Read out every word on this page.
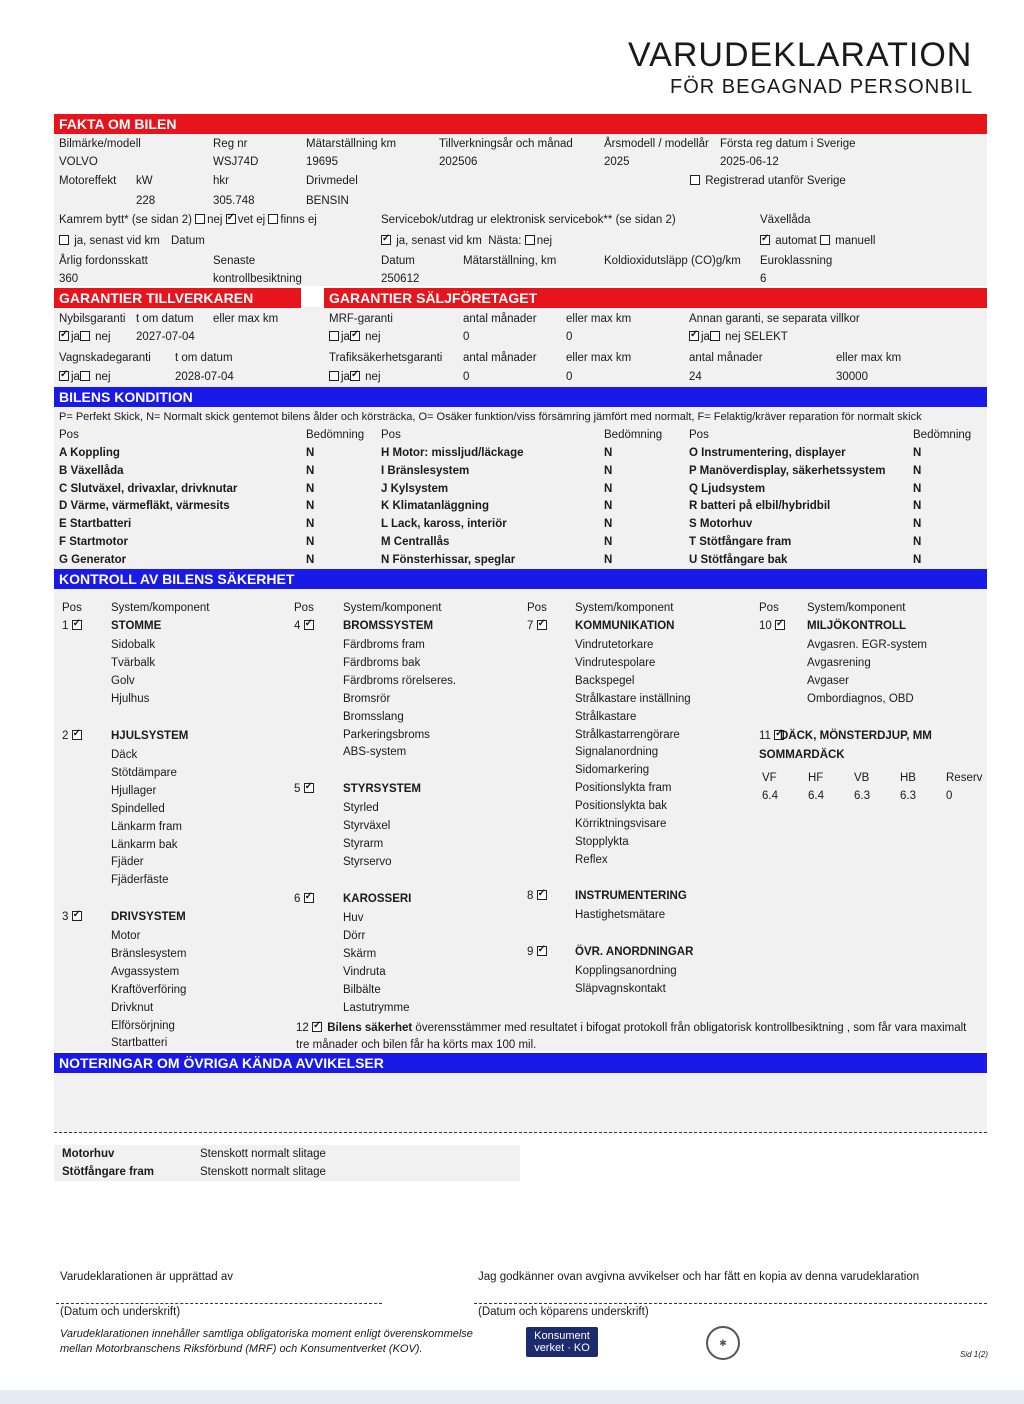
VARUDEKLARATION
FÖR BEGAGNAD PERSONBIL
FAKTA OM BILEN
Bilmärke/modell
VOLVO
Reg nr
WSJ74D
Mätarställning km
19695
Tillverkningsår och månad
202506
Årsmodell / modellår
2025
Första reg datum i Sverige
2025-06-12
Motoreffekt kW
228
hkr
305.748
Drivmedel
BENSIN
Registrerad utanför Sverige
Kamrem bytt* (se sidan 2) nej ✓ vet ej finns ej
ja, senast vid km Datum
Servicebok/utdrag ur elektronisk servicebok** (se sidan 2)
✓ ja, senast vid km Nästa: nej
Växellåda
✓ automat manuell
Årlig fordonsskatt
360
Senaste
kontrollbesiktning
Datum
250612
Mätarställning, km	Koldioxidutsläpp (CO)g/km Euroklassning
6
GARANTIER TILLVERKAREN	GARANTIER SÄLJFÖRETAGET
Nybilsgaranti t om datum eller max km
✓ja nej 2027-07-04
Vagnskadegaranti t om datum
✓ja nej	2028-07-04
MRF-garanti	antal månader	eller max km
ja ✓ nej	0	0
Annan garanti, se separata villkor
✓ja nej SELEKT
Trafiksäkerhetsgaranti antal månader	eller max km
ja ✓ nej	0	0
antal månader	eller max km
24	30000
BILENS KONDITION
P= Perfekt Skick, N= Normalt skick gentemot bilens ålder och körsträcka, O= Osäker funktion/viss försämring jämfört med normalt, F= Felaktig/kräver reparation för normalt skick
Pos	Bedömning Pos	Bedömning Pos	Bedömning
A Koppling	N
B Växellåda	N
C Slutväxel, drivaxlar, drivknutar	N
D Värme, värmefläkt, värmesits	N
E Startbatteri	N
F Startmotor	N
G Generator	N
H Motor: missljud/läckage	N
I Bränslesystem	N
J Kylsystem	N
K Klimatanläggning	N
L Lack, kaross, interiör	N
M Centrallås	N
N Fönsterhissar, speglar	N
O Instrumentering, displayer	N
P Manöverdisplay, säkerhetssystem N
Q Ljudsystem	N
R batteri på elbil/hybridbil	N
S Motorhuv	N
T Stötfångare fram	N
U Stötfångare bak	N
KONTROLL AV BILENS SÄKERHET
Pos	System/komponent	Pos	System/komponent	Pos System/komponent	Pos System/komponent
1 ✓	STOMME
Sidobalk
Tvärbalk
Golv
Hjulhus
2 ✓	HJULSYSTEM
Däck
Stötdämpare
Hjullager
Spindelled
Länkarm fram
Länkarm bak
Fjäder
Fjäderfäste
3 ✓	DRIVSYSTEM
Motor
Bränslesystem
Avgassystem
Kraftöverföring
Drivknut
Elförsörjning
Startbatteri
4 ✓	BROMSSYSTEM
Färdbroms fram
Färdbroms bak
Färdbroms rörelseres.
Bromsrör
Bromsslang
Parkeringsbroms
ABS-system
5 ✓	STYRSYSTEM
Styrled
Styrväxel
Styrarm
Styrservo
6 ✓	KAROSSERI
Huv
Dörr
Skärm
Vindruta
Bilbälte
Lastutrymme
7 ✓	KOMMUNIKATION
Vindrutetorkare
Vindrutespolare
Backspegel
Strålkastare inställning
Strålkastare
Strålkastarrengörare
Signalanordning
Sidomarkering
Positionslykta fram
Positionslykta bak
Körriktningsvisare
Stopplykta
Reflex
8 ✓	INSTRUMENTERING
Hastighetsmätare
9 ✓	ÖVR. ANORDNINGAR
Kopplingsanordning
Släpvagnskontakt
10 ✓	MILJÖKONTROLL
Avgasren. EGR-system
Avgasrening
Avgaser
Ombordiagnos, OBD
11 ✓ DÄCK, MÖNSTERDJUP, MM
SOMMARDÄCK
VF
6.4
HF
6.4
VB
6.3
HB
6.3
Reserv
0
12 ✓ Bilens säkerhet överensstämmer med resultatet i bifogat protokoll från obligatorisk kontrollbesiktning , som får vara maximalt
tre månader och bilen får ha körts max 100 mil.
NOTERINGAR OM ÖVRIGA KÄNDA AVVIKELSER
Motorhuv	Stenskott normalt slitage
Stötfångare fram	Stenskott normalt slitage
Varudeklarationen är upprättad av	Jag godkänner ovan avgivna avvikelser och har fått en kopia av denna varudeklaration
(Datum och underskrift)	(Datum och köparens underskrift)
Varudeklarationen innehåller samtliga obligatoriska moment enligt överenskommelse
mellan Motorbranschens Riksförbund (MRF) och Konsumentverket (KOV).
Konsument
verket · KO	✱
Sid 1(2)
